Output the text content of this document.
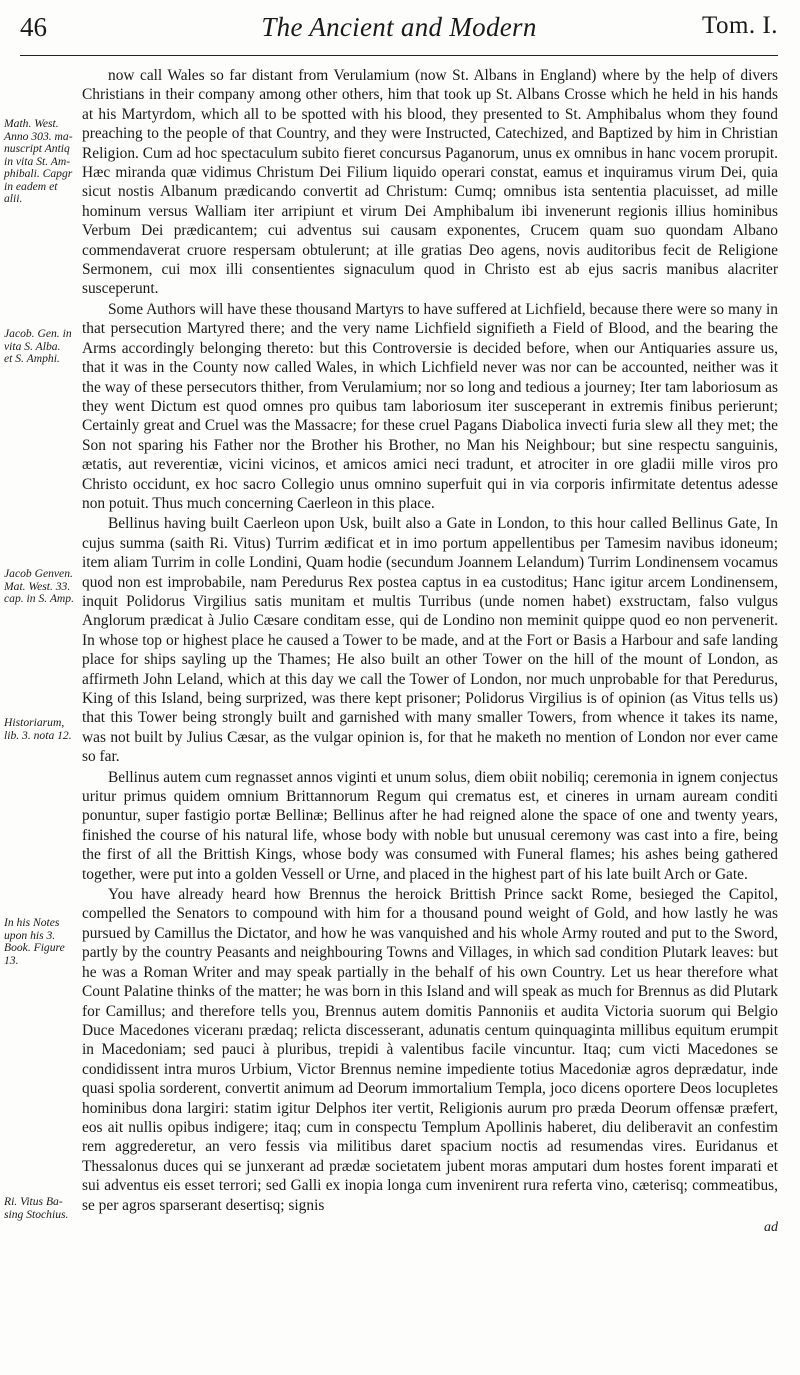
46	The Ancient and Modern	Tom. I.
Math. West.
Anno 303. ma-
nuscript Antiq
in vita St. Am-
phibali. Capgr
in eadem et
alii.
Jacob. Gen. in
vita S. Alba.
et S. Amphi.
Jacob Genven.
Mat. West. 33.
cap. in S. Amp.
Historiarum,
lib. 3. nota 12.
In his Notes
upon his 3.
Book. Figure
13.
Ri. Vitus Ba-
sing Stochius.

now call Wales so far distant from Verulamium (now St. Albans in England) where by the help of divers Christians in their company among other others, him that took up St. Albans Crosse which he held in his hands at his Martyrdom, which all to be spotted with his blood, they presented to St. Amphibalus whom they found preaching to the people of that Country, and they were Instructed, Catechized, and Baptized by him in Christian Religion. Cum ad hoc spectaculum subito fieret concursus Paganorum, unus ex omnibus in hanc vocem prorupit. Hæc miranda quæ vidimus Christum Dei Filium liquido operari constat, eamus et inquiramus virum Dei, quia sicut nostis Albanum prædicando convertit ad Christum: Cumq; omnibus ista sententia placuisset, ad mille hominum versus Walliam iter arripiunt et virum Dei Amphibalum ibi invenerunt regionis illius hominibus Verbum Dei prædicantem; cui adventus sui causam exponentes, Crucem quam suo quondam Albano commendaverat cruore respersam obtulerunt; at ille gratias Deo agens, novis auditoribus fecit de Religione Sermonem, cui mox illi consentientes signaculum quod in Christo est ab ejus sacris manibus alacriter susceperunt.

Some Authors will have these thousand Martyrs to have suffered at Lichfield, because there were so many in that persecution Martyred there; and the very name Lichfield signifieth a Field of Blood, and the bearing the Arms accordingly belonging thereto: but this Controversie is decided before, when our Antiquaries assure us, that it was in the County now called Wales, in which Lichfield never was nor can be accounted, neither was it the way of these persecutors thither, from Verulamium; nor so long and tedious a journey; Iter tam laboriosum as they went Dictum est quod omnes pro quibus tam laboriosum iter susceperant in extremis finibus perierunt; Certainly great and Cruel was the Massacre; for these cruel Pagans Diabolica invecti furia slew all they met; the Son not sparing his Father nor the Brother his Brother, no Man his Neighbour; but sine respectu sanguinis, ætatis, aut reverentiæ, vicini vicinos, et amicos amici neci tradunt, et atrociter in ore gladii mille viros pro Christo occidunt, ex hoc sacro Collegio unus omnino superfuit qui in via corporis infirmitate detentus adesse non potuit. Thus much concerning Caerleon in this place.

Bellinus having built Caerleon upon Usk, built also a Gate in London, to this hour called Bellinus Gate, In cujus summa (saith Ri. Vitus) Turrim ædificat et in imo portum appellentibus per Tamesim navibus idoneum; item aliam Turrim in colle Londini, Quam hodie (secundum Joannem Lelandum) Turrim Londinensem vocamus quod non est improbabile, nam Peredurus Rex postea captus in ea custoditus; Hanc igitur arcem Londinensem, inquit Polidorus Virgilius satis munitam et multis Turribus (unde nomen habet) exstructam, falso vulgus Anglorum prædicat à Julio Cæsare conditam esse, qui de Londino non meminit quippe quod eo non pervenerit. In whose top or highest place he caused a Tower to be made, and at the Fort or Basis a Harbour and safe landing place for ships sayling up the Thames; He also built an other Tower on the hill of the mount of London, as affirmeth John Leland, which at this day we call the Tower of London, nor much unprobable for that Peredurus, King of this Island, being surprized, was there kept prisoner; Polidorus Virgilius is of opinion (as Vitus tells us) that this Tower being strongly built and garnished with many smaller Towers, from whence it takes its name, was not built by Julius Cæsar, as the vulgar opinion is, for that he maketh no mention of London nor ever came so far.

Bellinus autem cum regnasset annos viginti et unum solus, diem obiit nobiliq; ceremonia in ignem conjectus uritur primus quidem omnium Brittannorum Regum qui crematus est, et cineres in urnam auream conditi ponuntur, super fastigio portæ Bellinæ; Bellinus after he had reigned alone the space of one and twenty years, finished the course of his natural life, whose body with noble but unusual ceremony was cast into a fire, being the first of all the Brittish Kings, whose body was consumed with Funeral flames; his ashes being gathered together, were put into a golden Vessell or Urne, and placed in the highest part of his late built Arch or Gate.

You have already heard how Brennus the heroick Brittish Prince sackt Rome, besieged the Capitol, compelled the Senators to compound with him for a thousand pound weight of Gold, and how lastly he was pursued by Camillus the Dictator, and how he was vanquished and his whole Army routed and put to the Sword, partly by the country Peasants and neighbouring Towns and Villages, in which sad condition Plutark leaves: but he was a Roman Writer and may speak partially in the behalf of his own Country. Let us hear therefore what Count Palatine thinks of the matter; he was born in this Island and will speak as much for Brennus as did Plutark for Camillus; and therefore tells you, Brennus autem domitis Pannoniis et audita Victoria suorum qui Belgio Duce Macedones viceranı prædaq; relicta discesserant, adunatis centum quinquaginta millibus equitum erumpit in Macedoniam; sed pauci à pluribus, trepidi à valentibus facile vincuntur. Itaq; cum victi Macedones se condidissent intra muros Urbium, Victor Brennus nemine impediente totius Macedoniæ agros deprædatur, inde quasi spolia sorderent, convertit animum ad Deorum immortalium Templa, joco dicens oportere Deos locupletes hominibus dona largiri: statim igitur Delphos iter vertit, Religionis aurum pro præda Deorum offensæ præfert, eos ait nullis opibus indigere; itaq; cum in conspectu Templum Apollinis haberet, diu deliberavit an confestim rem aggrederetur, an vero fessis via militibus daret spacium noctis ad resumendas vires. Euridanus et Thessalonus duces qui se junxerant ad prædæ societatem jubent moras amputari dum hostes forent imparati et sui adventus eis esset terrori; sed Galli ex inopia longa cum invenirent rura referta vino, cæterisq; commeatibus, se per agros sparserant desertisq; signis

ad
